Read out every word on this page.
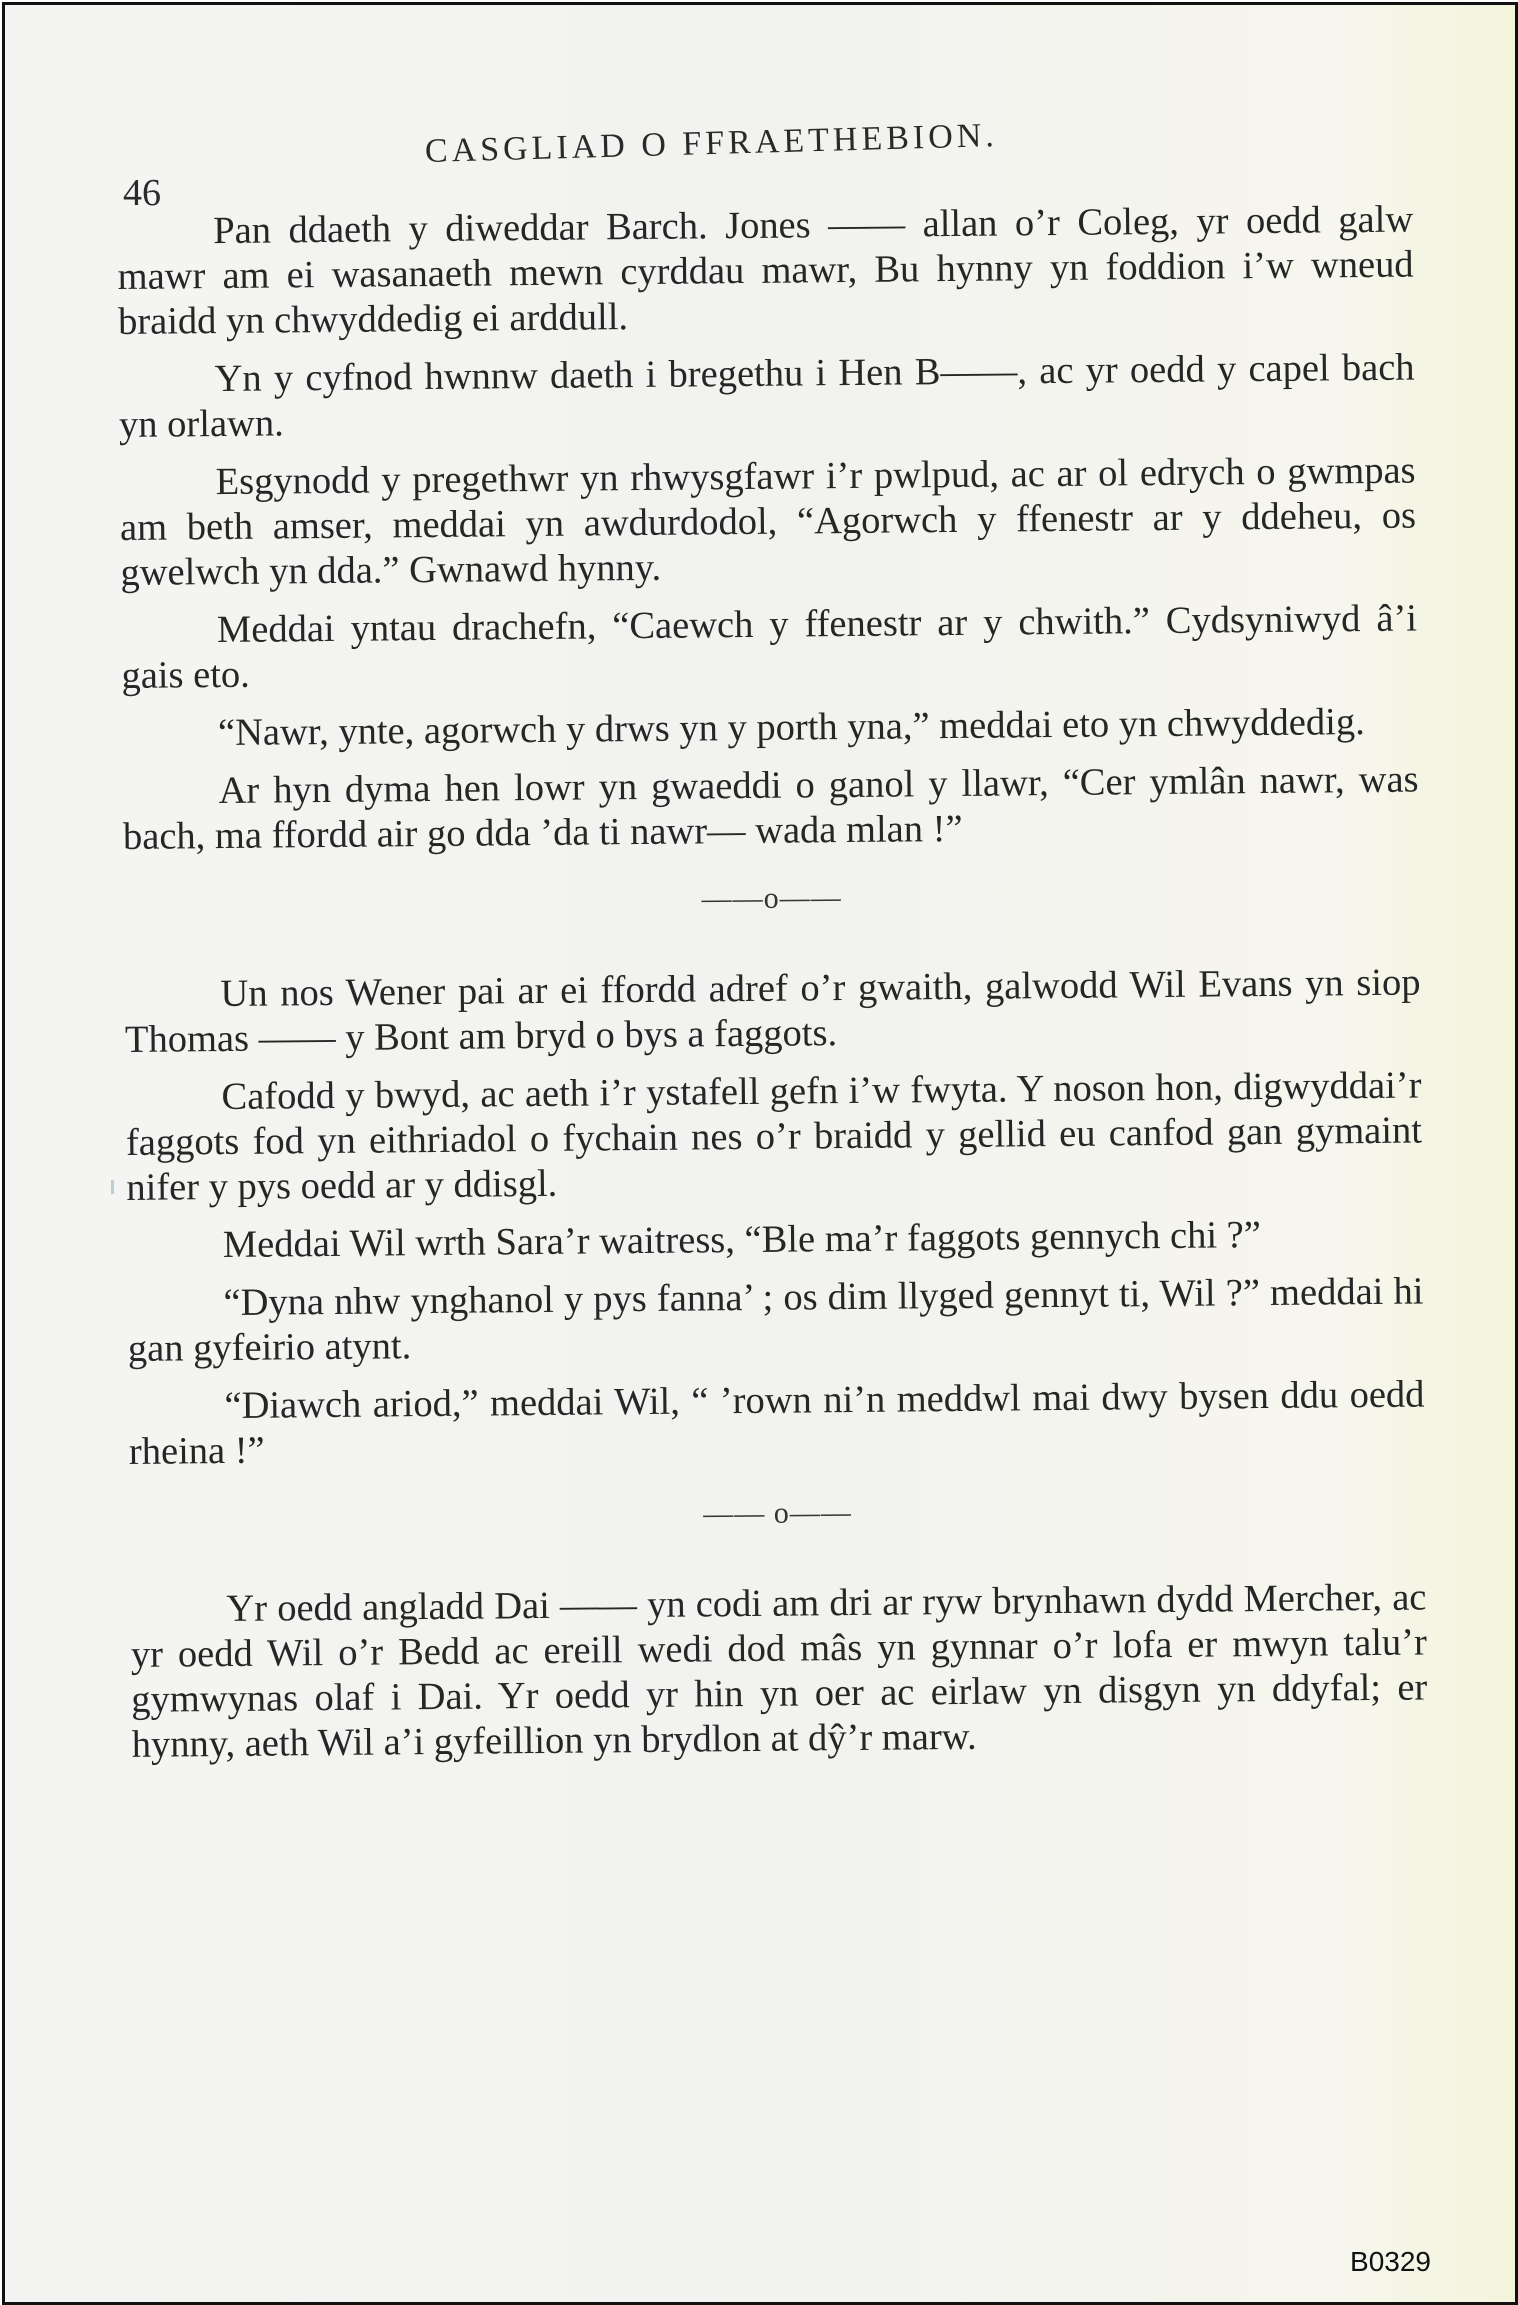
46
CASGLIAD O FFRAETHEBION.

Pan ddaeth y diweddar Barch. Jones —— allan o’r Coleg, yr oedd galw mawr am ei wasanaeth mewn cyrddau mawr, Bu hynny yn foddion i’w wneud braidd yn chwyddedig ei arddull.

Yn y cyfnod hwnnw daeth i bregethu i Hen B——, ac yr oedd y capel bach yn orlawn.

Esgynodd y pregethwr yn rhwysgfawr i’r pwlpud, ac ar ol edrych o gwmpas am beth amser, meddai yn awdurdodol, “Agorwch y ffenestr ar y ddeheu, os gwelwch yn dda.” Gwnawd hynny.

Meddai yntau drachefn, “Caewch y ffenestr ar y chwith.” Cydsyniwyd â’i gais eto.

“Nawr, ynte, agorwch y drws yn y porth yna,” meddai eto yn chwyddedig.

Ar hyn dyma hen lowr yn gwaeddi o ganol y llawr, “Cer ymlân nawr, was bach, ma ffordd air go dda ’da ti nawr— wada mlan !”

——o——

Un nos Wener pai ar ei ffordd adref o’r gwaith, galwodd Wil Evans yn siop Thomas —— y Bont am bryd o bys a faggots.

Cafodd y bwyd, ac aeth i’r ystafell gefn i’w fwyta. Y noson hon, digwyddai’r faggots fod yn eithriadol o fychain nes o’r braidd y gellid eu canfod gan gymaint nifer y pys oedd ar y ddisgl.

Meddai Wil wrth Sara’r waitress, “Ble ma’r faggots gennych chi ?”

“Dyna nhw ynghanol y pys fanna’ ; os dim llyged gennyt ti, Wil ?” meddai hi gan gyfeirio atynt.

“Diawch ariod,” meddai Wil, “ ’rown ni’n meddwl mai dwy bysen ddu oedd rheina !”

—— o——

Yr oedd angladd Dai —— yn codi am dri ar ryw brynhawn dydd Mercher, ac yr oedd Wil o’r Bedd ac ereill wedi dod mâs yn gynnar o’r lofa er mwyn talu’r gymwynas olaf i Dai. Yr oedd yr hin yn oer ac eirlaw yn disgyn yn ddyfal; er hynny, aeth Wil a’i gyfeillion yn brydlon at dŷ’r marw.

B0329
